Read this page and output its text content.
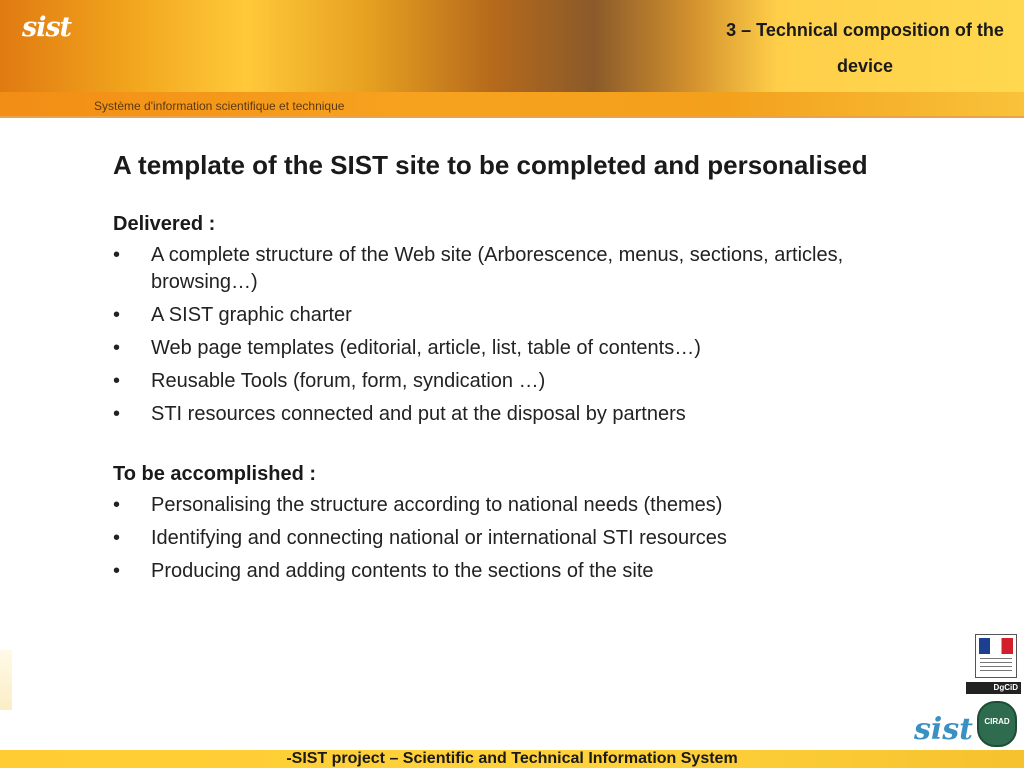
sist
Système d'information scientifique et technique
3 – Technical composition of the device
A template of the SIST site to be completed and personalised
Delivered :
• A complete structure of the Web site (Arborescence, menus, sections, articles, browsing…)
• A SIST graphic charter
• Web page templates (editorial, article, list, table of contents…)
• Reusable Tools (forum, form, syndication …)
• STI resources connected and put at the disposal by partners
To be accomplished :
• Personalising the structure according to national needs (themes)
• Identifying and connecting national or international STI resources
• Producing and adding contents to the sections of the site
DgCiD
sist	CIRAD
-SIST project – Scientific and Technical Information System
